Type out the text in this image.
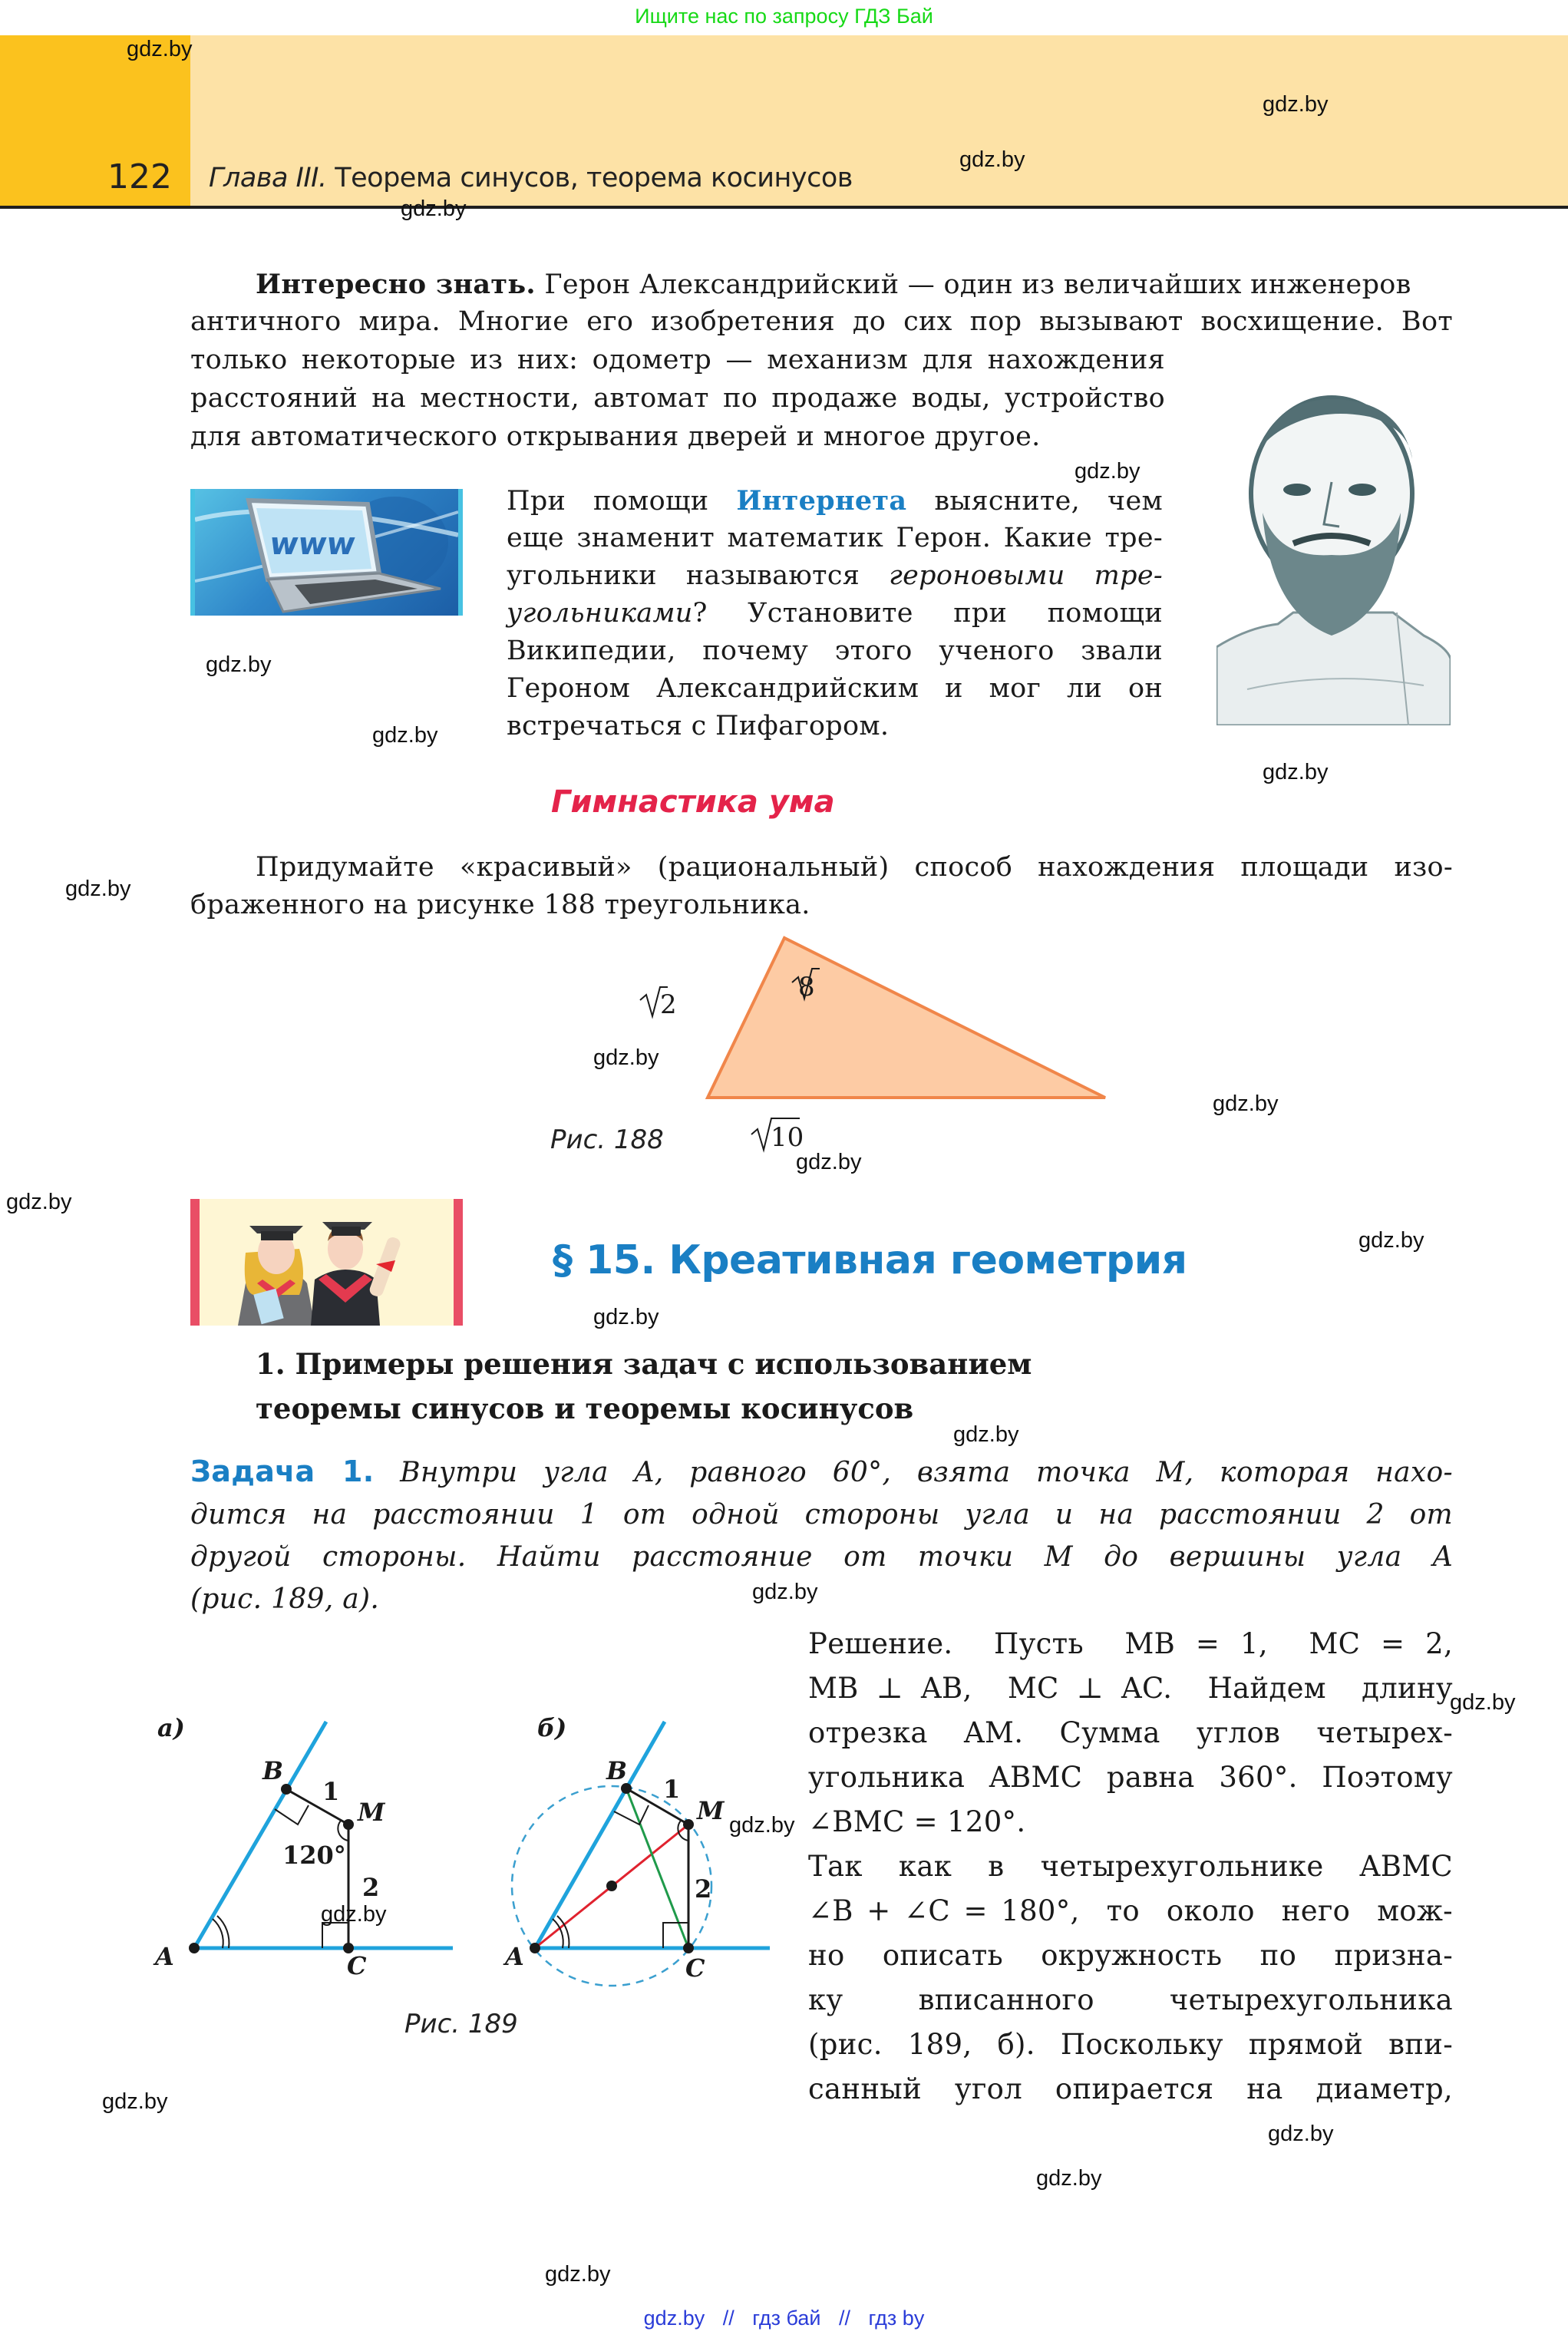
Ищите нас по запросу ГДЗ Бай
122 Глава III. Теорема синусов, теорема косинусов
Интересно знать. Герон Александрийский — один из величайших инженеров
античного мира. Многие его изобретения до сих пор вызывают восхищение. Вот
только некоторые из них: одометр — механизм для нахождения
расстояний на местности, автомат по продаже воды, устройство
для автоматического открывания дверей и многое другое.
www
При помощи Интернета выясните, чем
еще знаменит математик Герон. Какие тре-
угольники называются героновыми тре-
угольниками? Установите при помощи
Википедии, почему этого ученого звали
Героном Александрийским и мог ли он
встречаться с Пифагором.
Гимнастика ума
Придумайте «красивый» (рациональный) способ нахождения площади изо-
браженного на рисунке 188 треугольника.
2
8
10
Рис. 188
§ 15. Креативная геометрия
1. Примеры решения задач с использованием
теоремы синусов и теоремы косинусов
Задача 1. Внутри угла A, равного 60°, взята точка M, которая нахо-
дится на расстоянии 1 от одной стороны угла и на расстоянии 2 от
другой стороны. Найти расстояние от точки M до вершины угла A
(рис. 189, а).
Решение.  Пусть  MB = 1,  MC = 2,
MB ⊥ AB,  MC ⊥ AC.  Найдем  длину
отрезка  AM.  Сумма  углов  четырех-
угольника ABMC равна 360°. Поэтому
∠BMC = 120°.
Так  как  в  четырехугольнике  ABMC
∠B + ∠C = 180°,  то  около  него  мож-
но  описать  окружность  по  призна-
ку   вписанного   четырехугольника
(рис. 189, б). Поскольку прямой впи-
санный  угол  опирается  на  диаметр,
а)
B
M
A	C
1
2
120°
б)
B
M
A	C
1
2
Рис. 189
gdz.by
gdz.by
gdz.by
gdz.by
gdz.by
gdz.by
gdz.by
gdz.by
gdz.by
gdz.by
gdz.by
gdz.by
gdz.by
gdz.by
gdz.by
gdz.by
gdz.by
gdz.by
gdz.by
gdz.by
gdz.by
gdz.by
gdz.by
gdz.by
gdz.by // гдз бай // гдз by
